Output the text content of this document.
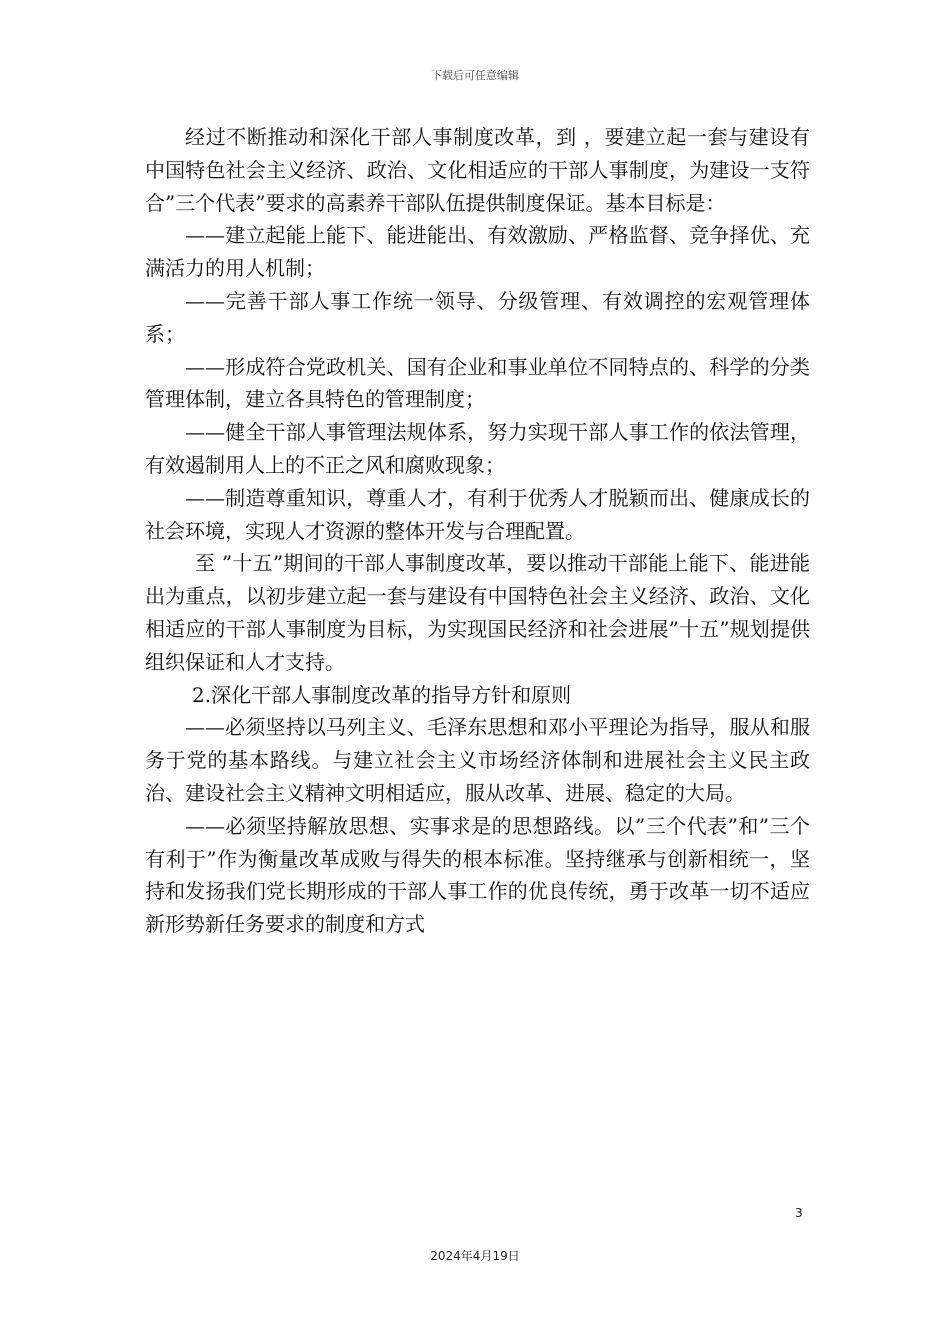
下载后可任意编辑

经过不断推动和深化干部人事制度改革，到 ，要建立起一套与建设有中国特色社会主义经济、政治、文化相适应的干部人事制度，为建设一支符合”三个代表”要求的高素养干部队伍提供制度保证。基本目标是：

——建立起能上能下、能进能出、有效激励、严格监督、竞争择优、充满活力的用人机制；

——完善干部人事工作统一领导、分级管理、有效调控的宏观管理体系；

——形成符合党政机关、国有企业和事业单位不同特点的、科学的分类管理体制，建立各具特色的管理制度；

——健全干部人事管理法规体系，努力实现干部人事工作的依法管理，有效遏制用人上的不正之风和腐败现象；

——制造尊重知识，尊重人才，有利于优秀人才脱颖而出、健康成长的社会环境，实现人才资源的整体开发与合理配置。

至 ”十五”期间的干部人事制度改革，要以推动干部能上能下、能进能出为重点，以初步建立起一套与建设有中国特色社会主义经济、政治、文化相适应的干部人事制度为目标，为实现国民经济和社会进展”十五”规划提供组织保证和人才支持。

2.深化干部人事制度改革的指导方针和原则

——必须坚持以马列主义、毛泽东思想和邓小平理论为指导，服从和服务于党的基本路线。与建立社会主义市场经济体制和进展社会主义民主政治、建设社会主义精神文明相适应，服从改革、进展、稳定的大局。

——必须坚持解放思想、实事求是的思想路线。以”三个代表”和”三个有利于”作为衡量改革成败与得失的根本标准。坚持继承与创新相统一，坚持和发扬我们党长期形成的干部人事工作的优良传统，勇于改革一切不适应新形势新任务要求的制度和方式

3
2024年4月19日
